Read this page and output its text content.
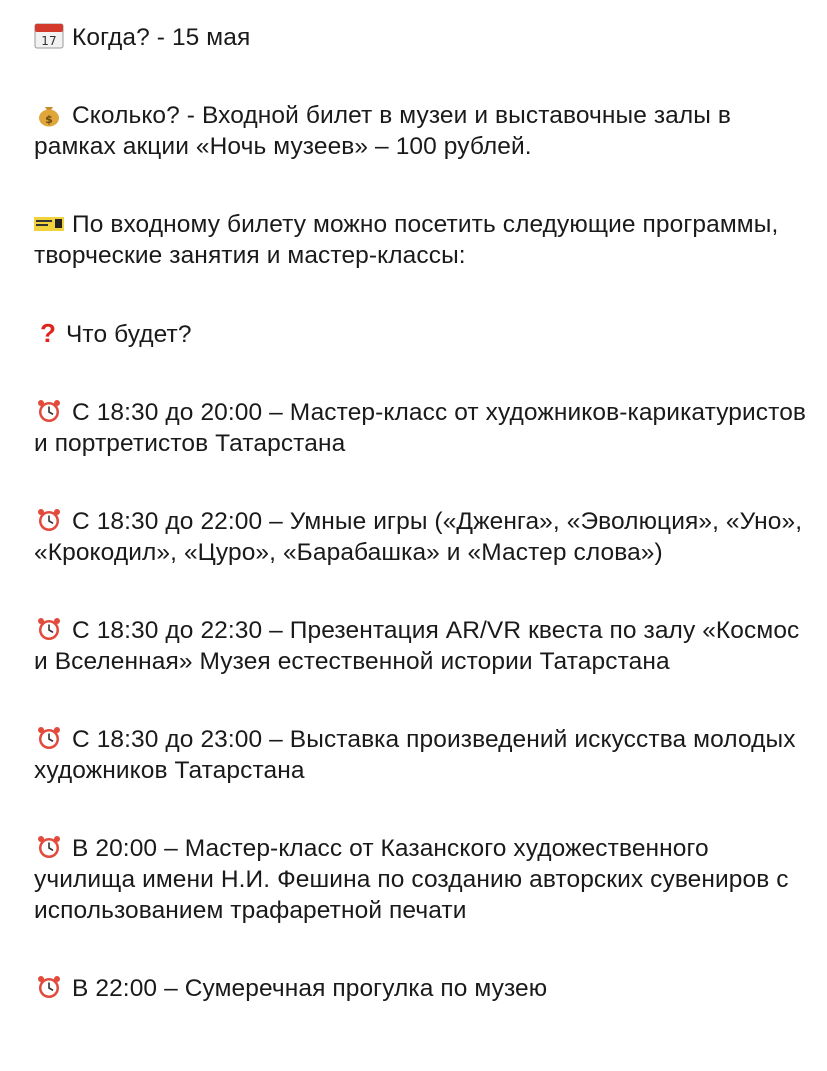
17 Когда? - 15 мая
$ Сколько? - Входной билет в музеи и выставочные залы в рамках акции «Ночь музеев» – 100 рублей.
По входному билету можно посетить следующие программы, творческие занятия и мастер-классы:
? Что будет?
С 18:30 до 20:00 – Мастер-класс от художников-карикатуристов и портретистов Татарстана
С 18:30 до 22:00 – Умные игры («Дженга», «Эволюция», «Уно», «Крокодил», «Цуро», «Барабашка» и «Мастер слова»)
С 18:30 до 22:30 – Презентация AR/VR квеста по залу «Космос и Вселенная» Музея естественной истории Татарстана
С 18:30 до 23:00 – Выставка произведений искусства молодых художников Татарстана
В 20:00 – Мастер-класс от Казанского художественного училища имени Н.И. Фешина по созданию авторских сувениров с использованием трафаретной печати
В 22:00 – Сумеречная прогулка по музею
